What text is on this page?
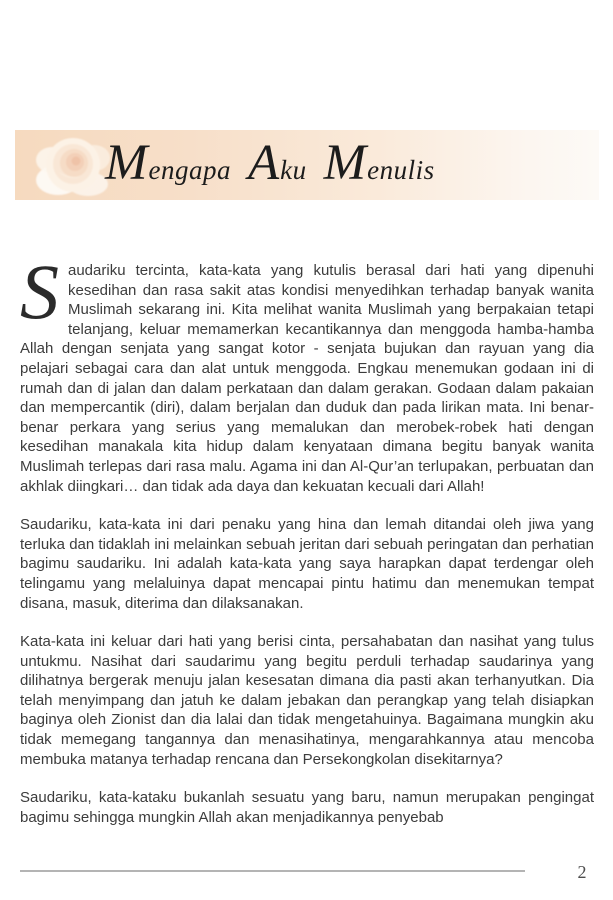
Mengapa Aku Menulis

Saudariku tercinta, kata-kata yang kutulis berasal dari hati yang dipenuhi kesedihan dan rasa sakit atas kondisi menyedihkan terhadap banyak wanita Muslimah sekarang ini. Kita melihat wanita Muslimah yang berpakaian tetapi telanjang, keluar memamerkan kecantikannya dan menggoda hamba-hamba Allah dengan senjata yang sangat kotor - senjata bujukan dan rayuan yang dia pelajari sebagai cara dan alat untuk menggoda. Engkau menemukan godaan ini di rumah dan di jalan dan dalam perkataan dan dalam gerakan. Godaan dalam pakaian dan mempercantik (diri), dalam berjalan dan duduk dan pada lirikan mata. Ini benar-benar perkara yang serius yang memalukan dan merobek-robek hati dengan kesedihan manakala kita hidup dalam kenyataan dimana begitu banyak wanita Muslimah terlepas dari rasa malu. Agama ini dan Al-Qur’an terlupakan, perbuatan dan akhlak diingkari… dan tidak ada daya dan kekuatan kecuali dari Allah!

Saudariku, kata-kata ini dari penaku yang hina dan lemah ditandai oleh jiwa yang terluka dan tidaklah ini melainkan sebuah jeritan dari sebuah peringatan dan perhatian bagimu saudariku. Ini adalah kata-kata yang saya harapkan dapat terdengar oleh telingamu yang melaluinya dapat mencapai pintu hatimu dan menemukan tempat disana, masuk, diterima dan dilaksanakan.

Kata-kata ini keluar dari hati yang berisi cinta, persahabatan dan nasihat yang tulus untukmu. Nasihat dari saudarimu yang begitu perduli terhadap saudarinya yang dilihatnya bergerak menuju jalan kesesatan dimana dia pasti akan terhanyutkan. Dia telah menyimpang dan jatuh ke dalam jebakan dan perangkap yang telah disiapkan baginya oleh Zionist dan dia lalai dan tidak mengetahuinya. Bagaimana mungkin aku tidak memegang tangannya dan menasihatinya, mengarahkannya atau mencoba membuka matanya terhadap rencana dan Persekongkolan disekitarnya?

Saudariku, kata-kataku bukanlah sesuatu yang baru, namun merupakan pengingat bagimu sehingga mungkin Allah akan menjadikannya penyebab

2
